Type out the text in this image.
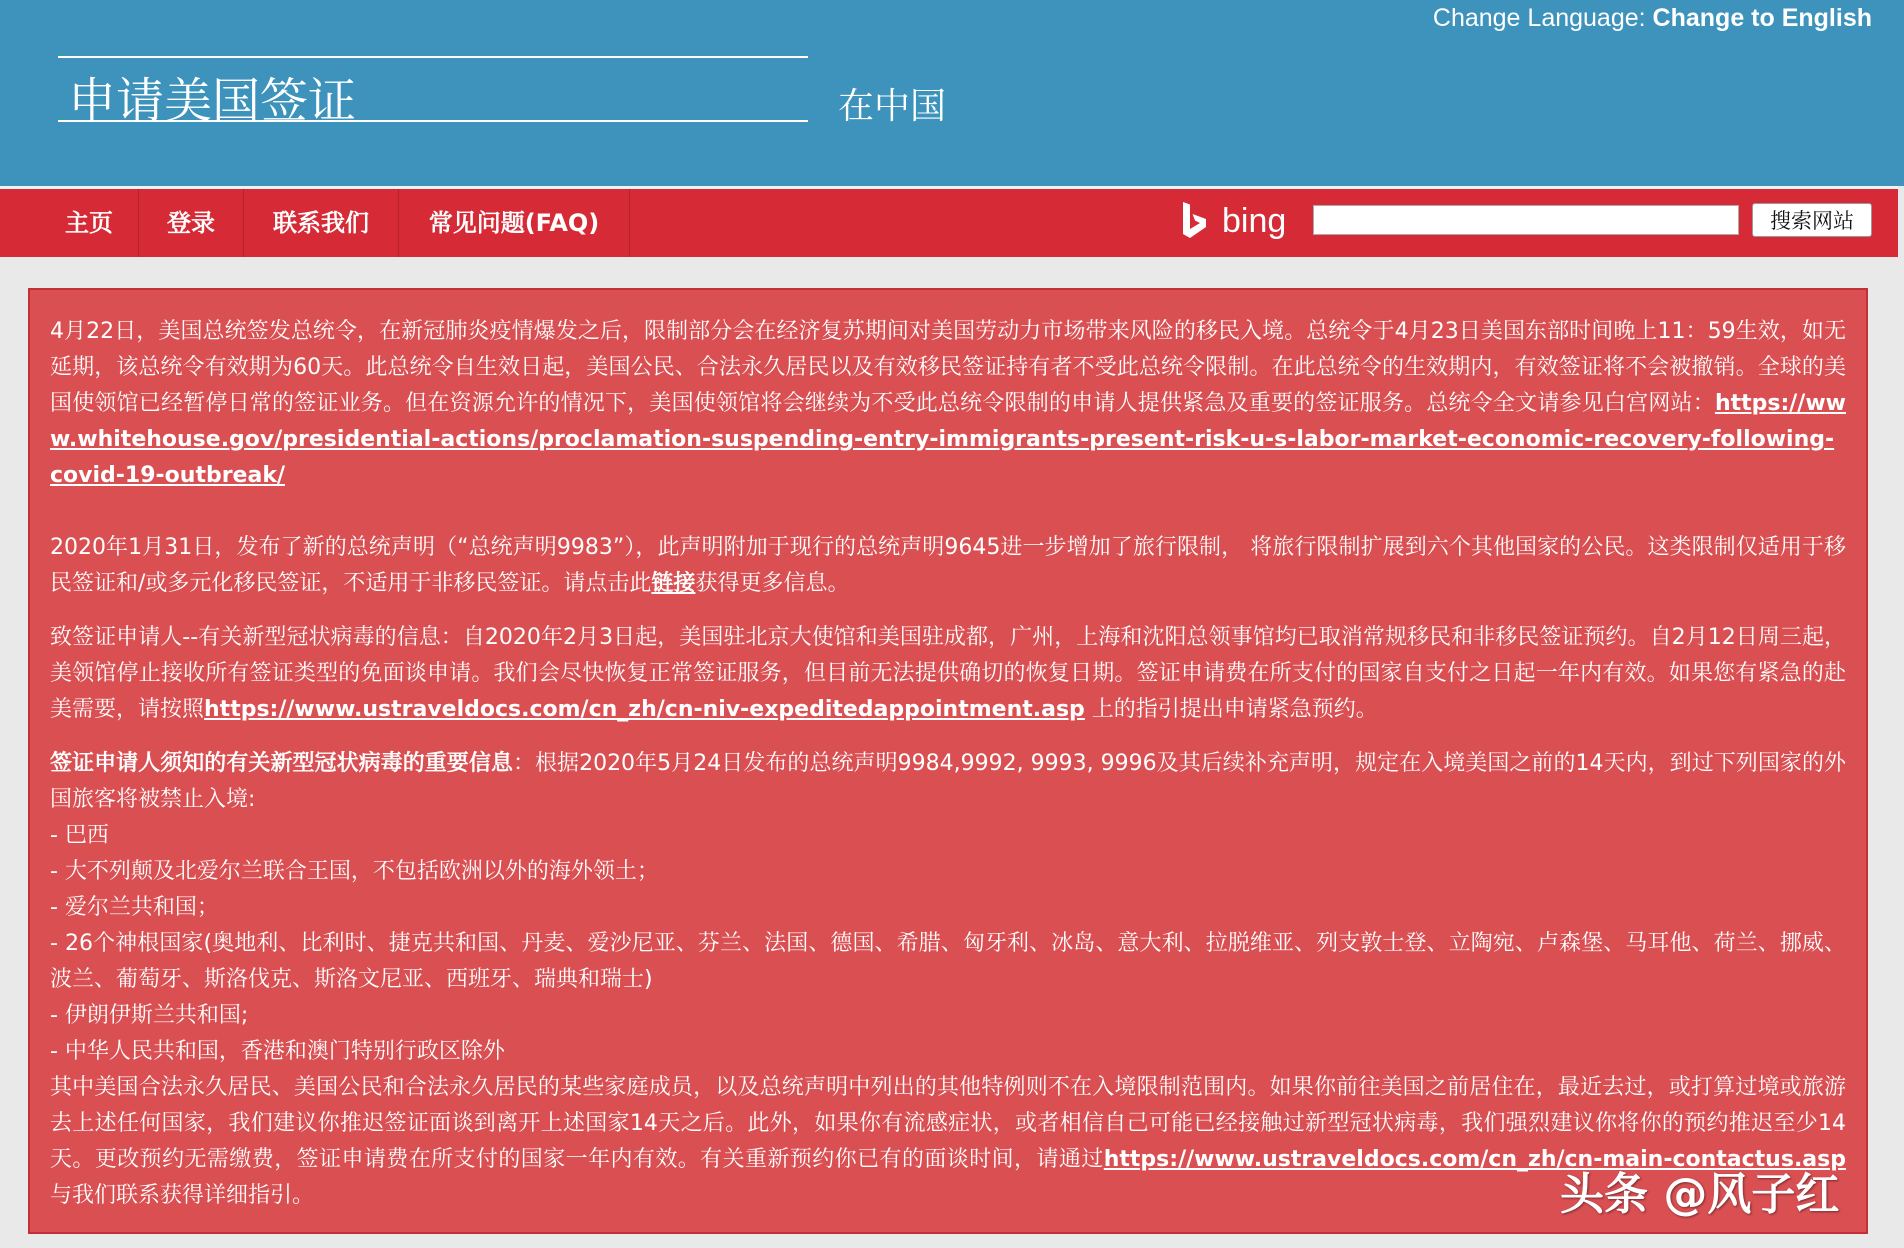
Change Language: Change to English
申请美国签证	在中国
主页	登录	联系我们	常见问题(FAQ)	bing	搜索网站

4月22日，美国总统签发总统令，在新冠肺炎疫情爆发之后，限制部分会在经济复苏期间对美国劳动力市场带来风险的移民入境。总统令于4月23日美国东部时间晚上11：59生效，如无延期，该总统令有效期为60天。此总统令自生效日起，美国公民、合法永久居民以及有效移民签证持有者不受此总统令限制。在此总统令的生效期内，有效签证将不会被撤销。全球的美国使领馆已经暂停日常的签证业务。但在资源允许的情况下，美国使领馆将会继续为不受此总统令限制的申请人提供紧急及重要的签证服务。总统令全文请参见白宫网站：https://www.whitehouse.gov/presidential-actions/proclamation-suspending-entry-immigrants-present-risk-u-s-labor-market-economic-recovery-following-covid-19-outbreak/

2020年1月31日，发布了新的总统声明（“总统声明9983”），此声明附加于现行的总统声明9645进一步增加了旅行限制， 将旅行限制扩展到六个其他国家的公民。这类限制仅适用于移民签证和/或多元化移民签证，不适用于非移民签证。请点击此链接获得更多信息。

致签证申请人--有关新型冠状病毒的信息：自2020年2月3日起，美国驻北京大使馆和美国驻成都，广州，上海和沈阳总领事馆均已取消常规移民和非移民签证预约。自2月12日周三起，美领馆停止接收所有签证类型的免面谈申请。我们会尽快恢复正常签证服务，但目前无法提供确切的恢复日期。签证申请费在所支付的国家自支付之日起一年内有效。如果您有紧急的赴美需要，请按照https://www.ustraveldocs.com/cn_zh/cn-niv-expeditedappointment.asp 上的指引提出申请紧急预约。

签证申请人须知的有关新型冠状病毒的重要信息：根据2020年5月24日发布的总统声明9984,9992, 9993, 9996及其后续补充声明，规定在入境美国之前的14天内，到过下列国家的外国旅客将被禁止入境:

- 巴西
- 大不列颠及北爱尔兰联合王国，不包括欧洲以外的海外领土；
- 爱尔兰共和国；
- 26个神根国家(奥地利、比利时、捷克共和国、丹麦、爱沙尼亚、芬兰、法国、德国、希腊、匈牙利、冰岛、意大利、拉脱维亚、列支敦士登、立陶宛、卢森堡、马耳他、荷兰、挪威、波兰、葡萄牙、斯洛伐克、斯洛文尼亚、西班牙、瑞典和瑞士)
- 伊朗伊斯兰共和国;
- 中华人民共和国，香港和澳门特别行政区除外

其中美国合法永久居民、美国公民和合法永久居民的某些家庭成员，以及总统声明中列出的其他特例则不在入境限制范围内。如果你前往美国之前居住在，最近去过，或打算过境或旅游去上述任何国家，我们建议你推迟签证面谈到离开上述国家14天之后。此外，如果你有流感症状，或者相信自己可能已经接触过新型冠状病毒，我们强烈建议你将你的预约推迟至少14天。更改预约无需缴费，签证申请费在所支付的国家一年内有效。有关重新预约你已有的面谈时间，请通过https://www.ustraveldocs.com/cn_zh/cn-main-contactus.asp与我们联系获得详细指引。	头条 @风子红
